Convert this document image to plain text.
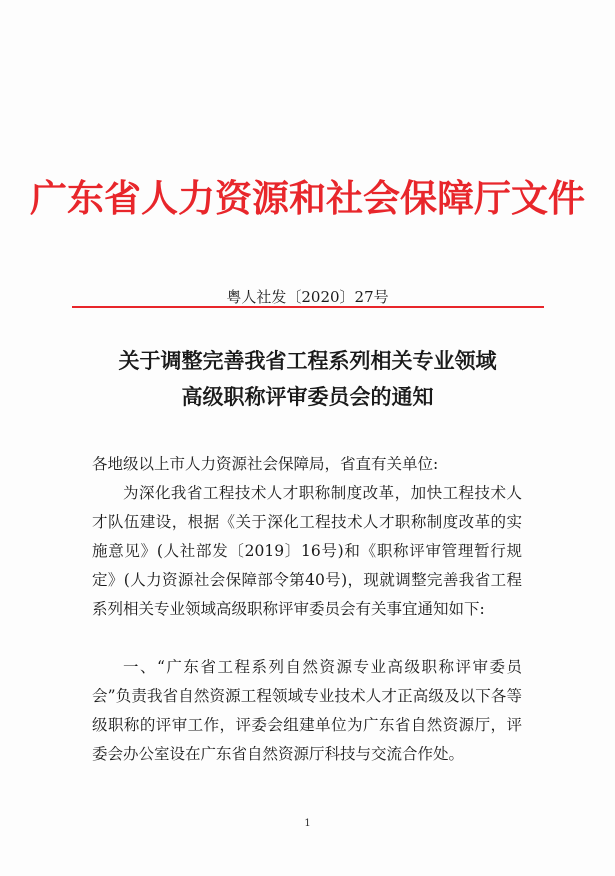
广东省人力资源和社会保障厅文件
粤人社发〔2020〕27号
关于调整完善我省工程系列相关专业领域
高级职称评审委员会的通知
各地级以上市人力资源社会保障局，省直有关单位:
为深化我省工程技术人才职称制度改革，加快工程技术人才队伍建设，根据《关于深化工程技术人才职称制度改革的实施意见》(人社部发〔2019〕16号)和《职称评审管理暂行规定》(人力资源社会保障部令第40号)，现就调整完善我省工程系列相关专业领域高级职称评审委员会有关事宜通知如下:
一、“广东省工程系列自然资源专业高级职称评审委员会”负责我省自然资源工程领域专业技术人才正高级及以下各等级职称的评审工作，评委会组建单位为广东省自然资源厅，评委会办公室设在广东省自然资源厅科技与交流合作处。
1
